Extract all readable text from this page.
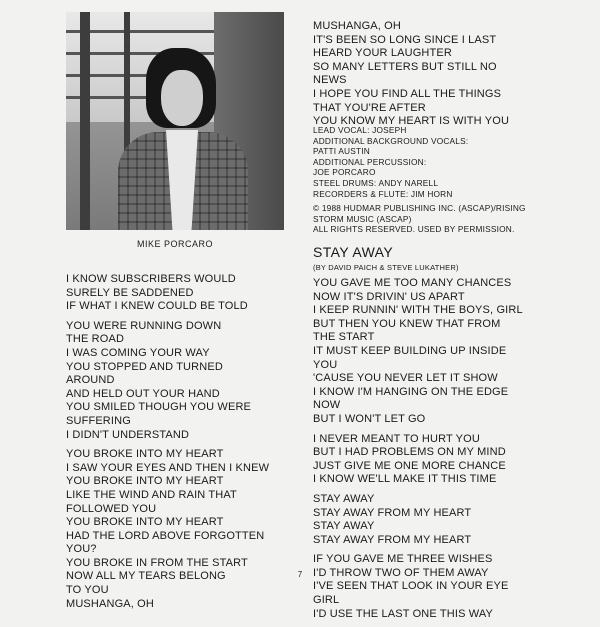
MIKE PORCARO
I KNOW SUBSCRIBERS WOULD
SURELY BE SADDENED
IF WHAT I KNEW COULD BE TOLD
YOU WERE RUNNING DOWN
THE ROAD
I WAS COMING YOUR WAY
YOU STOPPED AND TURNED
AROUND
AND HELD OUT YOUR HAND
YOU SMILED THOUGH YOU WERE
SUFFERING
I DIDN'T UNDERSTAND
YOU BROKE INTO MY HEART
I SAW YOUR EYES AND THEN I KNEW
YOU BROKE INTO MY HEART
LIKE THE WIND AND RAIN THAT
FOLLOWED YOU
YOU BROKE INTO MY HEART
HAD THE LORD ABOVE FORGOTTEN
YOU?
YOU BROKE IN FROM THE START
NOW ALL MY TEARS BELONG
TO YOU
MUSHANGA, OH
MUSHANGA, OH
IT'S BEEN SO LONG SINCE I LAST
HEARD YOUR LAUGHTER
SO MANY LETTERS BUT STILL NO
NEWS
I HOPE YOU FIND ALL THE THINGS
THAT YOU'RE AFTER
YOU KNOW MY HEART IS WITH YOU
LEAD VOCAL: JOSEPH
ADDITIONAL BACKGROUND VOCALS:
PATTI AUSTIN
ADDITIONAL PERCUSSION:
JOE PORCARO
STEEL DRUMS: ANDY NARELL
RECORDERS & FLUTE: JIM HORN
© 1988 HUDMAR PUBLISHING INC. (ASCAP)/RISING
STORM MUSIC (ASCAP)
ALL RIGHTS RESERVED. USED BY PERMISSION.
STAY AWAY
(BY DAVID PAICH & STEVE LUKATHER)
YOU GAVE ME TOO MANY CHANCES
NOW IT'S DRIVIN' US APART
I KEEP RUNNIN' WITH THE BOYS, GIRL
BUT THEN YOU KNEW THAT FROM
THE START
IT MUST KEEP BUILDING UP INSIDE
YOU
'CAUSE YOU NEVER LET IT SHOW
I KNOW I'M HANGING ON THE EDGE
NOW
BUT I WON'T LET GO
I NEVER MEANT TO HURT YOU
BUT I HAD PROBLEMS ON MY MIND
JUST GIVE ME ONE MORE CHANCE
I KNOW WE'LL MAKE IT THIS TIME
STAY AWAY
STAY AWAY FROM MY HEART
STAY AWAY
STAY AWAY FROM MY HEART
IF YOU GAVE ME THREE WISHES
I'D THROW TWO OF THEM AWAY
I'VE SEEN THAT LOOK IN YOUR EYE
GIRL
I'D USE THE LAST ONE THIS WAY
7
